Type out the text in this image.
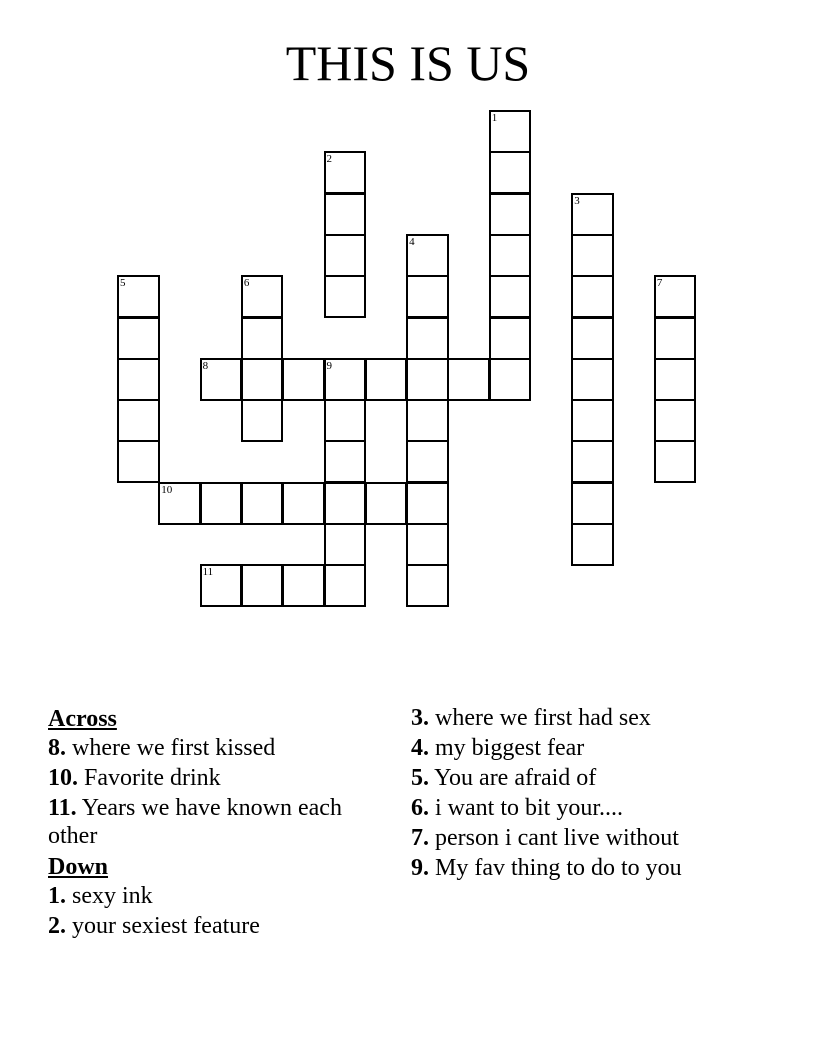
THIS IS US
1
2
3
4
5	6	7
8	9
10
11
Across
8. where we first kissed
10. Favorite drink
11. Years we have known each other
Down
1. sexy ink
2. your sexiest feature
3. where we first had sex
4. my biggest fear
5. You are afraid of
6. i want to bit your....
7. person i cant live without
9. My fav thing to do to you
